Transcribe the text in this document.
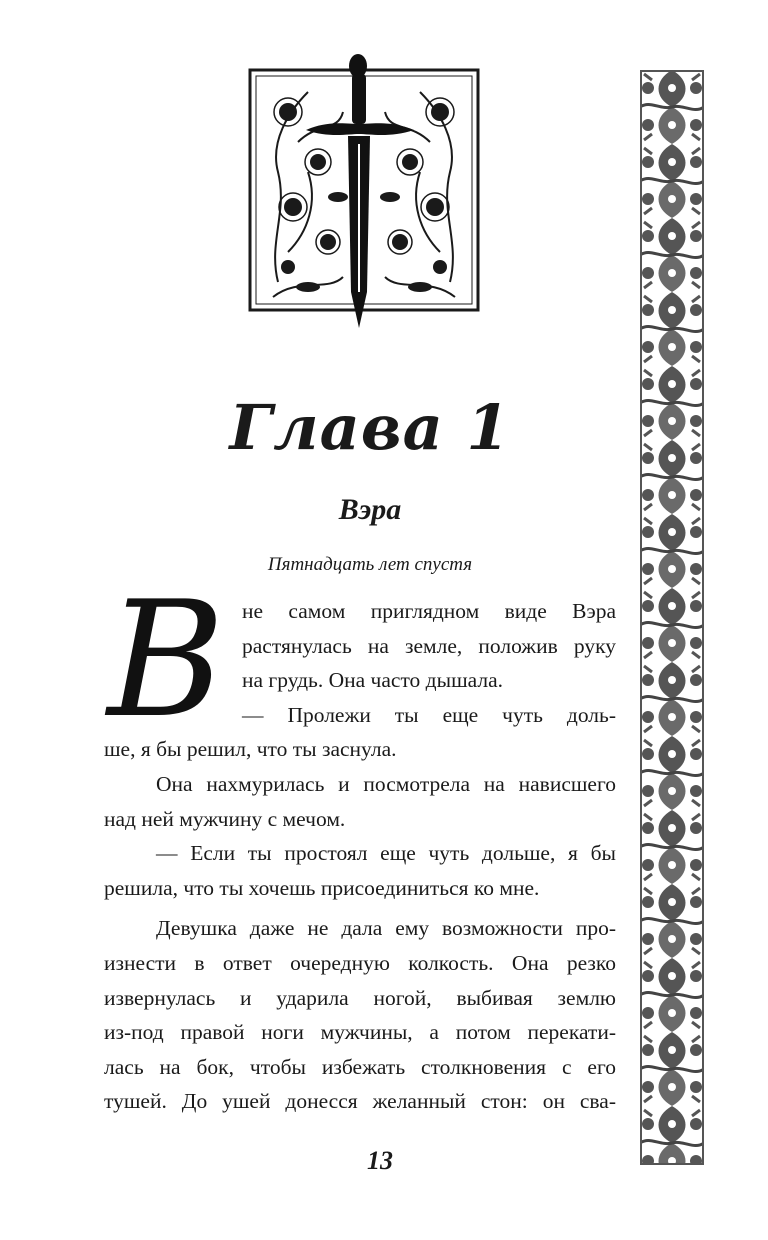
Глава 1
Вэра
Пятнадцать лет спустя
В не самом приглядном виде Вэра
растянулась на земле, положив руку
на грудь. Она часто дышала.
— Пролежи ты еще чуть доль-
ше, я бы решил, что ты заснула.
Она нахмурилась и посмотрела на нависшего
над ней мужчину с мечом.
— Если ты простоял еще чуть дольше, я бы
решила, что ты хочешь присоединиться ко мне.
Девушка даже не дала ему возможности про-
изнести в ответ очередную колкость. Она резко
извернулась и ударила ногой, выбивая землю
из-под правой ноги мужчины, а потом перекати-
лась на бок, чтобы избежать столкновения с его
тушей. До ушей донесся желанный стон: он сва-
13
